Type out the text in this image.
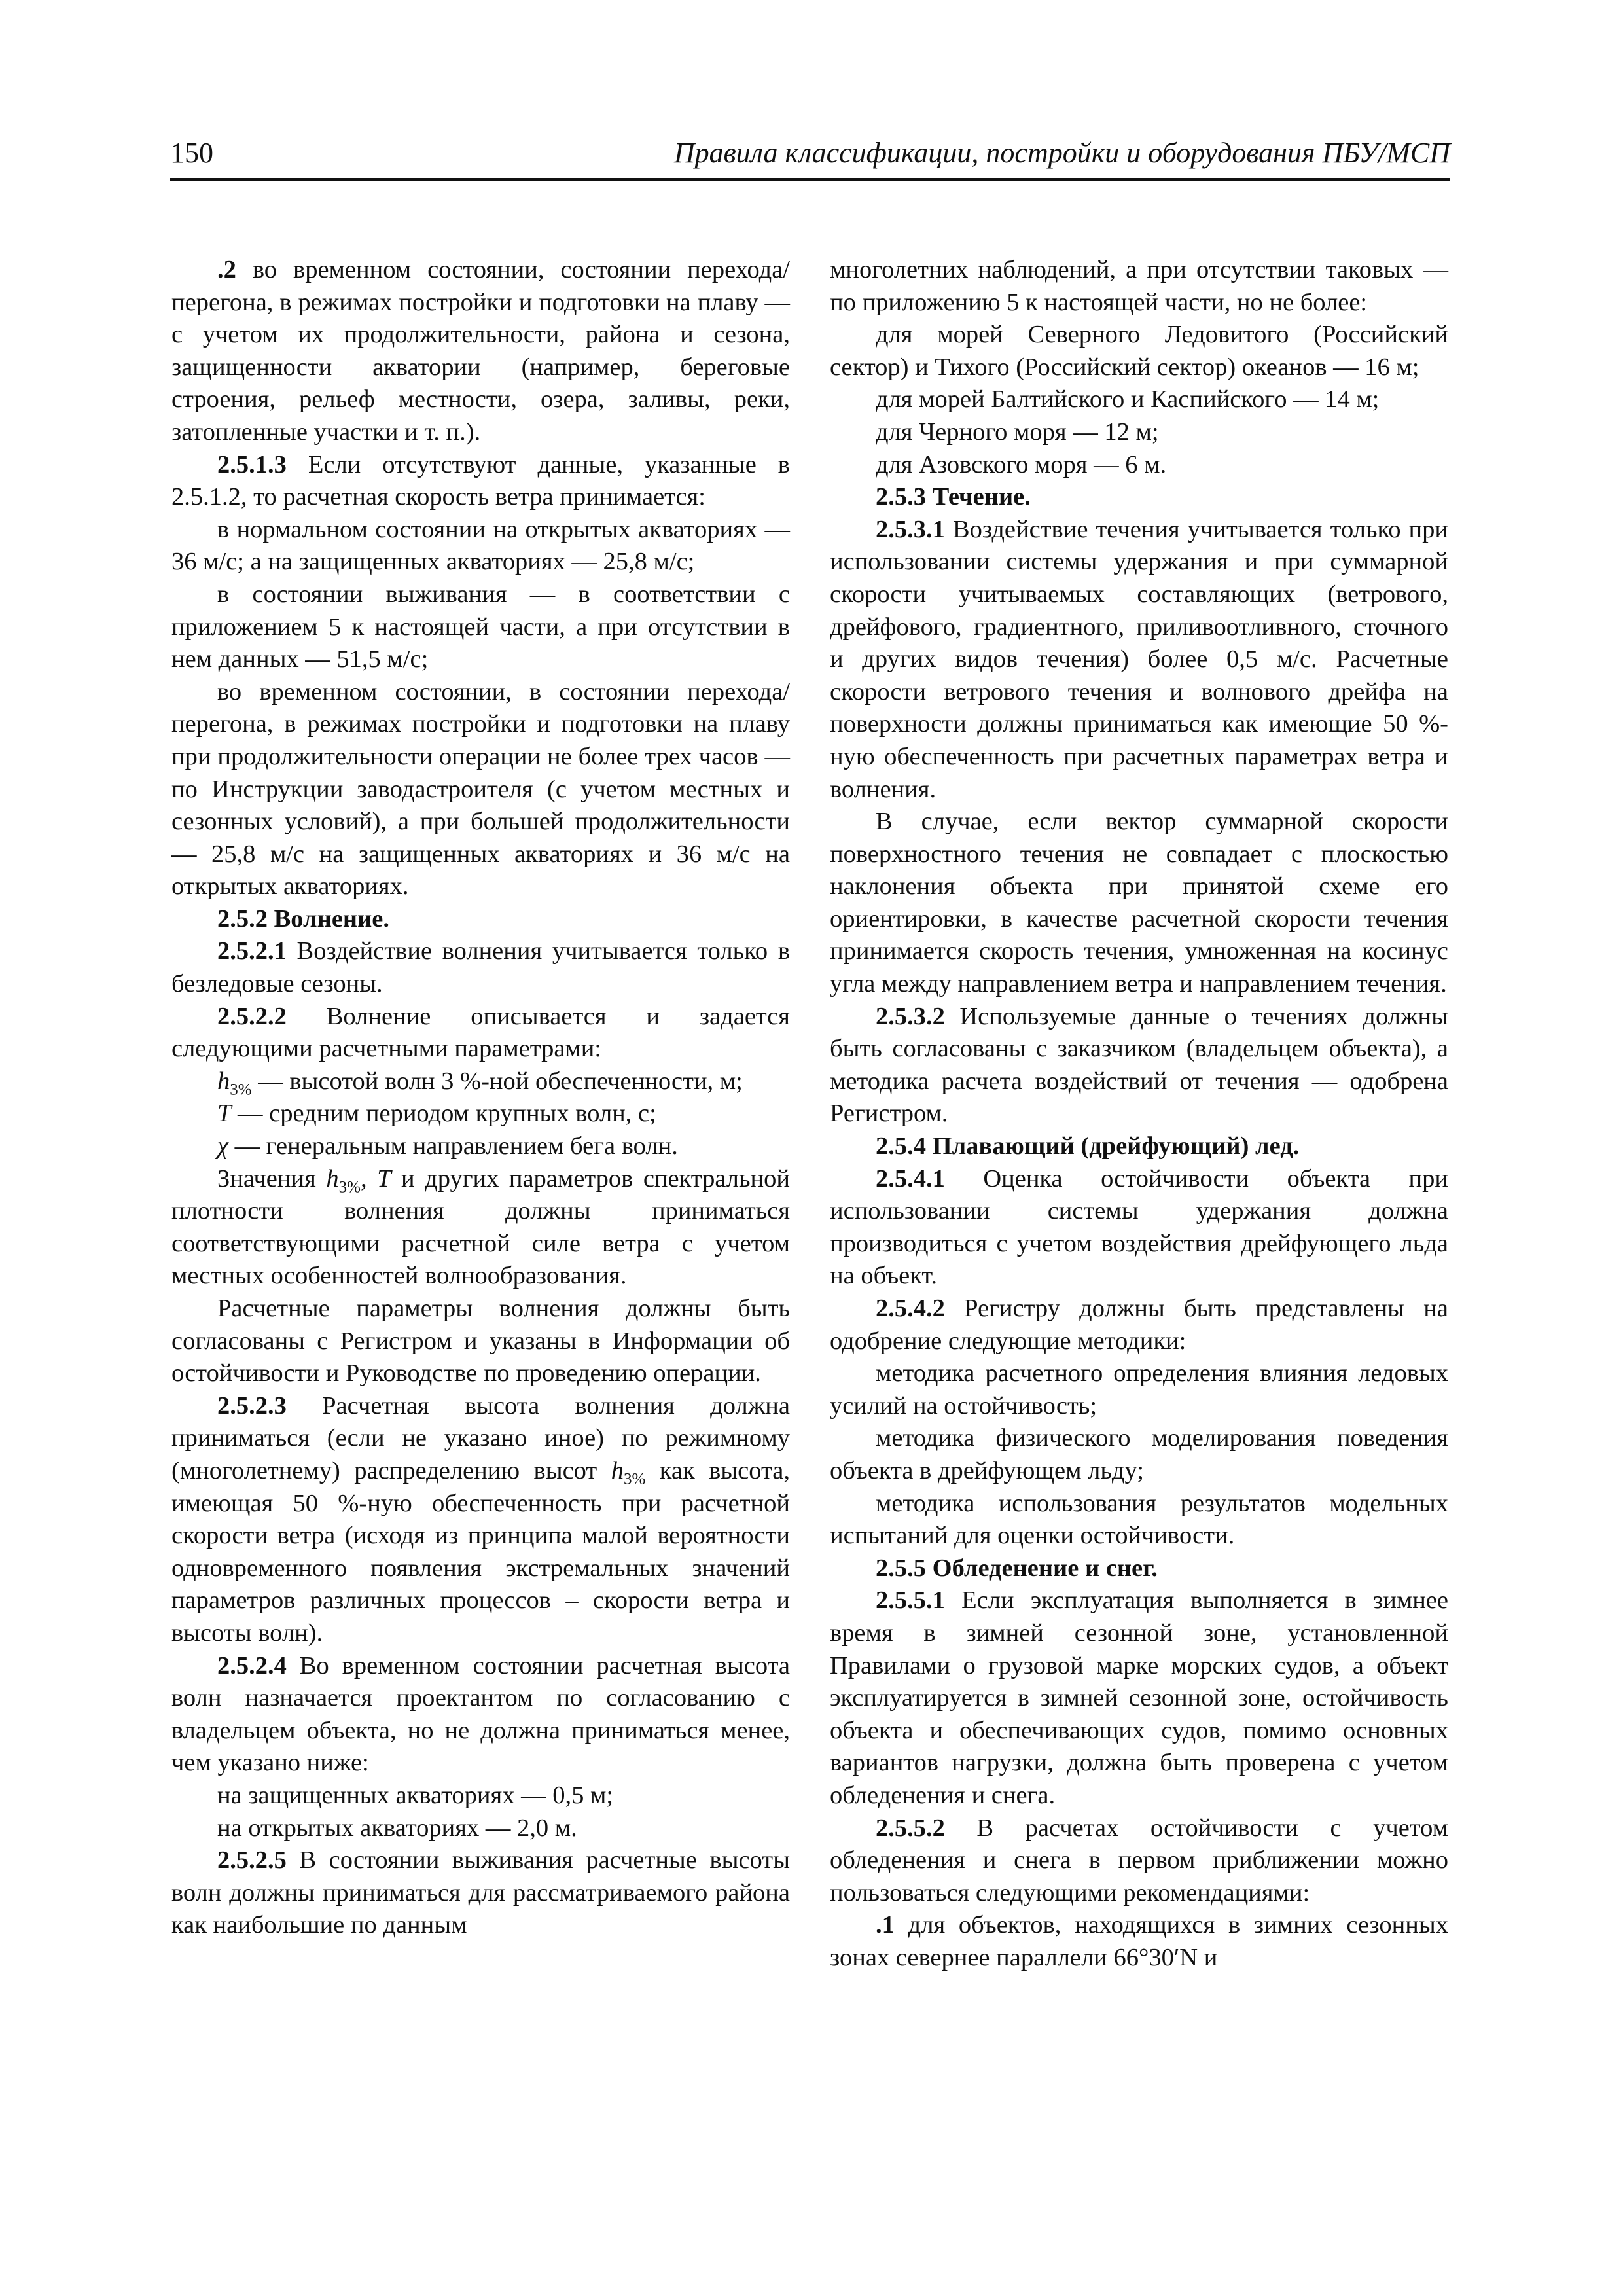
150	Правила классификации, постройки и оборудования ПБУ/МСП

.2 во временном состоянии, состоянии перехода/перегона, в режимах постройки и подготовки на плаву — с учетом их продолжительности, района и сезона, защищенности акватории (например, береговые строения, рельеф местности, озера, заливы, реки, затопленные участки и т. п.).

2.5.1.3 Если отсутствуют данные, указанные в 2.5.1.2, то расчетная скорость ветра принимается:

в нормальном состоянии на открытых акваториях — 36 м/с; а на защищенных акваториях — 25,8 м/с;

в состоянии выживания — в соответствии с приложением 5 к настоящей части, а при отсутствии в нем данных — 51,5 м/с;

во временном состоянии, в состоянии перехода/перегона, в режимах постройки и подготовки на плаву при продолжительности операции не более трех часов — по Инструкции заводастроителя (с учетом местных и сезонных условий), а при большей продолжительности — 25,8 м/с на защищенных акваториях и 36 м/с на открытых акваториях.

2.5.2 Волнение.

2.5.2.1 Воздействие волнения учитывается только в безледовые сезоны.

2.5.2.2 Волнение описывается и задается следующими расчетными параметрами:

$h_{3\%}$ — высотой волн 3 %-ной обеспеченности, м;

T — средним периодом крупных волн, с;

χ — генеральным направлением бега волн.

Значения $h_{3\%}$, T и других параметров спектральной плотности волнения должны приниматься соответствующими расчетной силе ветра с учетом местных особенностей волнообразования.

Расчетные параметры волнения должны быть согласованы с Регистром и указаны в Информации об остойчивости и Руководстве по проведению операции.

2.5.2.3 Расчетная высота волнения должна приниматься (если не указано иное) по режимному (многолетнему) распределению высот $h_{3\%}$ как высота, имеющая 50 %-ную обеспеченность при расчетной скорости ветра (исходя из принципа малой вероятности одновременного появления экстремальных значений параметров различных процессов – скорости ветра и высоты волн).

2.5.2.4 Во временном состоянии расчетная высота волн назначается проектантом по согласованию с владельцем объекта, но не должна приниматься менее, чем указано ниже:

на защищенных акваториях — 0,5 м;

на открытых акваториях — 2,0 м.

2.5.2.5 В состоянии выживания расчетные высоты волн должны приниматься для рассматриваемого района как наибольшие по данным

многолетних наблюдений, а при отсутствии таковых — по приложению 5 к настоящей части, но не более:

для морей Северного Ледовитого (Российский сектор) и Тихого (Российский сектор) океанов — 16 м;

для морей Балтийского и Каспийского — 14 м;

для Черного моря — 12 м;

для Азовского моря — 6 м.

2.5.3 Течение.

2.5.3.1 Воздействие течения учитывается только при использовании системы удержания и при суммарной скорости учитываемых составляющих (ветрового, дрейфового, градиентного, приливоотливного, сточного и других видов течения) более 0,5 м/с. Расчетные скорости ветрового течения и волнового дрейфа на поверхности должны приниматься как имеющие 50 %-ную обеспеченность при расчетных параметрах ветра и волнения.

В случае, если вектор суммарной скорости поверхностного течения не совпадает с плоскостью наклонения объекта при принятой схеме его ориентировки, в качестве расчетной скорости течения принимается скорость течения, умноженная на косинус угла между направлением ветра и направлением течения.

2.5.3.2 Используемые данные о течениях должны быть согласованы с заказчиком (владельцем объекта), а методика расчета воздействий от течения — одобрена Регистром.

2.5.4 Плавающий (дрейфующий) лед.

2.5.4.1 Оценка остойчивости объекта при использовании системы удержания должна производиться с учетом воздействия дрейфующего льда на объект.

2.5.4.2 Регистру должны быть представлены на одобрение следующие методики:

методика расчетного определения влияния ледовых усилий на остойчивость;

методика физического моделирования поведения объекта в дрейфующем льду;

методика использования результатов модельных испытаний для оценки остойчивости.

2.5.5 Обледенение и снег.

2.5.5.1 Если эксплуатация выполняется в зимнее время в зимней сезонной зоне, установленной Правилами о грузовой марке морских судов, а объект эксплуатируется в зимней сезонной зоне, остойчивость объекта и обеспечивающих судов, помимо основных вариантов нагрузки, должна быть проверена с учетом обледенения и снега.

2.5.5.2 В расчетах остойчивости с учетом обледенения и снега в первом приближении можно пользоваться следующими рекомендациями:

.1 для объектов, находящихся в зимних сезонных зонах севернее параллели 66°30′N и
